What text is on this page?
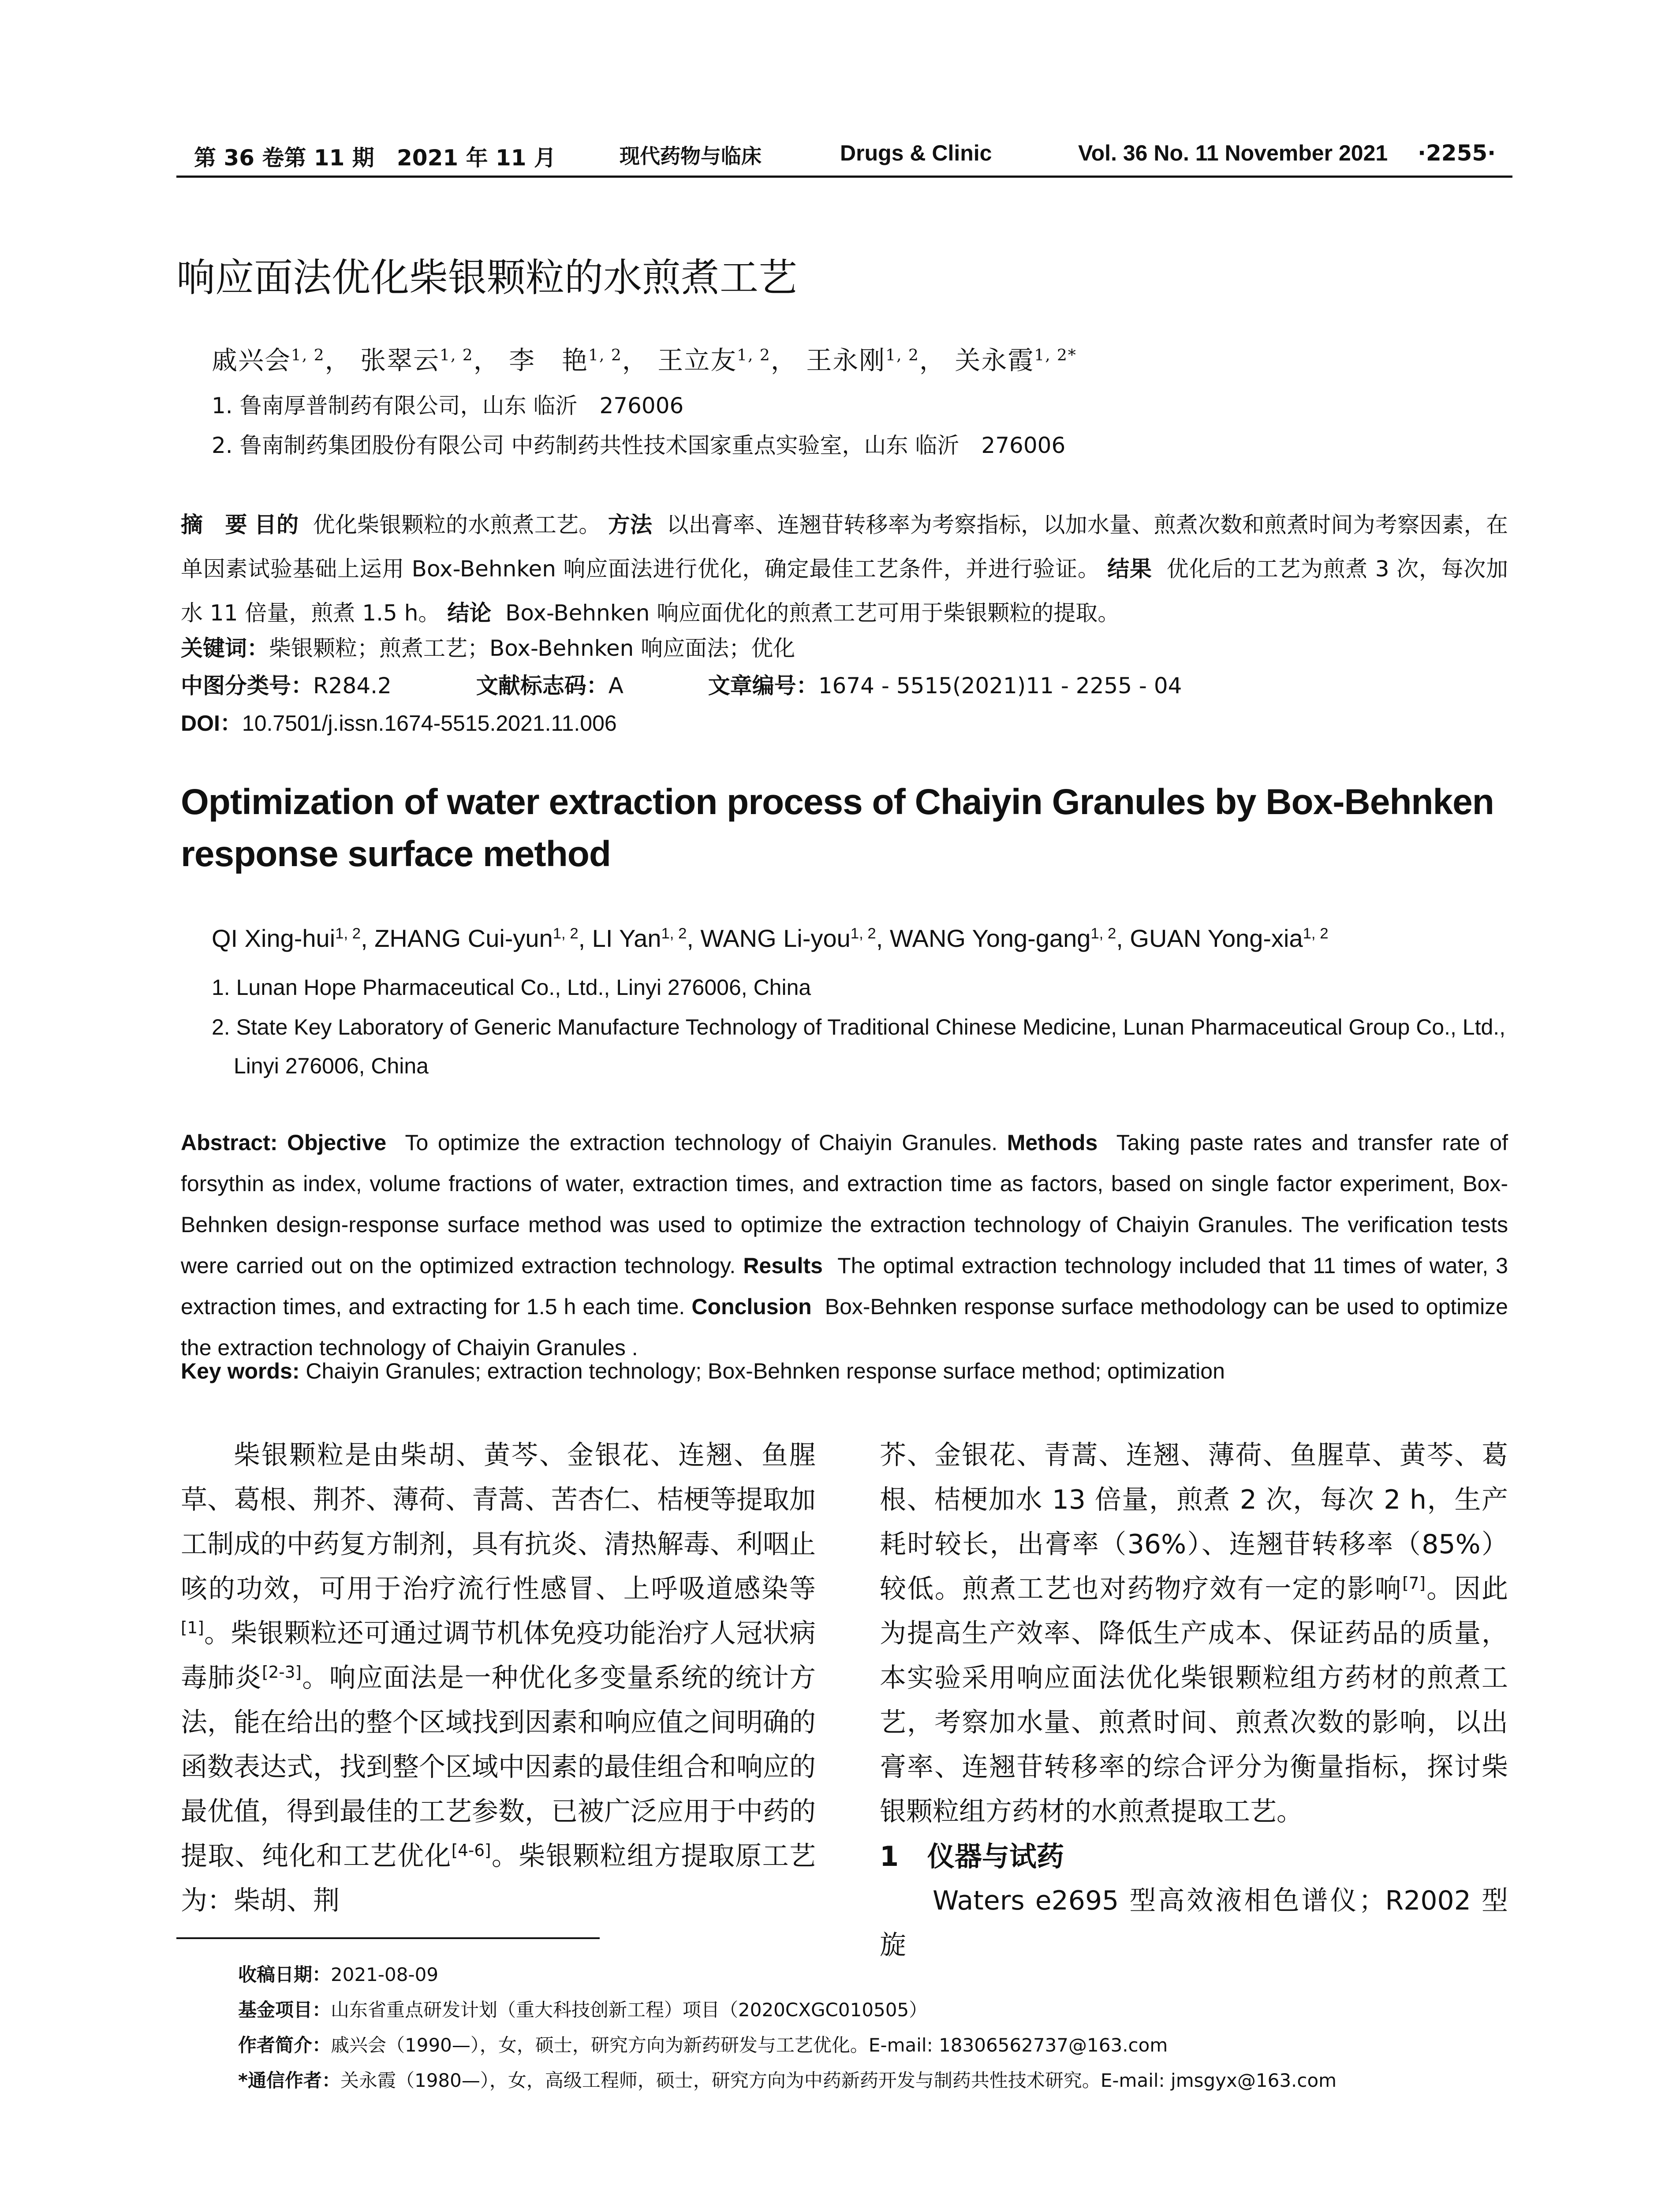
第 36 卷第 11 期 2021 年 11 月	现代药物与临床	Drugs & Clinic	Vol. 36 No. 11 November 2021 ·2255·
响应面法优化柴银颗粒的水煎煮工艺
戚兴会$^{1, 2}$， 张翠云$^{1, 2}$， 李　艳$^{1, 2}$， 王立友$^{1, 2}$， 王永刚$^{1, 2}$， 关永霞$^{1, 2*}$
1. 鲁南厚普制药有限公司，山东 临沂　276006
2. 鲁南制药集团股份有限公司 中药制药共性技术国家重点实验室，山东 临沂　276006
摘　要 目的 优化柴银颗粒的水煎煮工艺。 方法 以出膏率、连翘苷转移率为考察指标，以加水量、煎煮次数和煎煮时间为考察因素，在单因素试验基础上运用 Box-Behnken 响应面法进行优化，确定最佳工艺条件，并进行验证。 结果 优化后的工艺为煎煮 3 次，每次加水 11 倍量，煎煮 1.5 h。 结论 Box-Behnken 响应面优化的煎煮工艺可用于柴银颗粒的提取。
关键词：柴银颗粒；煎煮工艺；Box-Behnken 响应面法；优化
中图分类号：R284.2	文献标志码：A	文章编号：1674 - 5515(2021)11 - 2255 - 04
DOI：10.7501/j.issn.1674-5515.2021.11.006
Optimization of water extraction process of Chaiyin Granules by Box-Behnken response surface method
QI Xing-hui$^{1, 2}$, ZHANG Cui-yun$^{1, 2}$, LI Yan$^{1, 2}$, WANG Li-you$^{1, 2}$, WANG Yong-gang$^{1, 2}$, GUAN Yong-xia$^{1, 2}$
1. Lunan Hope Pharmaceutical Co., Ltd., Linyi 276006, China
2. State Key Laboratory of Generic Manufacture Technology of Traditional Chinese Medicine, Lunan Pharmaceutical Group Co., Ltd., Linyi 276006, China
Abstract: Objective To optimize the extraction technology of Chaiyin Granules. Methods Taking paste rates and transfer rate of forsythin as index, volume fractions of water, extraction times, and extraction time as factors, based on single factor experiment, Box-Behnken design-response surface method was used to optimize the extraction technology of Chaiyin Granules. The verification tests were carried out on the optimized extraction technology. Results The optimal extraction technology included that 11 times of water, 3 extraction times, and extracting for 1.5 h each time. Conclusion Box-Behnken response surface methodology can be used to optimize the extraction technology of Chaiyin Granules .
Key words: Chaiyin Granules; extraction technology; Box-Behnken response surface method; optimization

柴银颗粒是由柴胡、黄芩、金银花、连翘、鱼腥草、葛根、荆芥、薄荷、青蒿、苦杏仁、桔梗等提取加工制成的中药复方制剂，具有抗炎、清热解毒、利咽止咳的功效，可用于治疗流行性感冒、上呼吸道感染等[1]。柴银颗粒还可通过调节机体免疫功能治疗人冠状病毒肺炎[2-3]。响应面法是一种优化多变量系统的统计方法，能在给出的整个区域找到因素和响应值之间明确的函数表达式，找到整个区域中因素的最佳组合和响应的最优值，得到最佳的工艺参数，已被广泛应用于中药的提取、纯化和工艺优化[4-6]。柴银颗粒组方提取原工艺为：柴胡、荆

芥、金银花、青蒿、连翘、薄荷、鱼腥草、黄芩、葛根、桔梗加水 13 倍量，煎煮 2 次，每次 2 h，生产耗时较长，出膏率（36%）、连翘苷转移率（85%）较低。煎煮工艺也对药物疗效有一定的影响[7]。因此为提高生产效率、降低生产成本、保证药品的质量，本实验采用响应面法优化柴银颗粒组方药材的煎煮工艺，考察加水量、煎煮时间、煎煮次数的影响，以出膏率、连翘苷转移率的综合评分为衡量指标，探讨柴银颗粒组方药材的水煎煮提取工艺。

1 仪器与试药

Waters e2695 型高效液相色谱仪；R2002 型旋

收稿日期：2021-08-09
基金项目：山东省重点研发计划（重大科技创新工程）项目（2020CXGC010505）
作者简介：戚兴会（1990—），女，硕士，研究方向为新药研发与工艺优化。E-mail: 18306562737@163.com
*通信作者：关永霞（1980—），女，高级工程师，硕士，研究方向为中药新药开发与制药共性技术研究。E-mail: jmsgyx@163.com
